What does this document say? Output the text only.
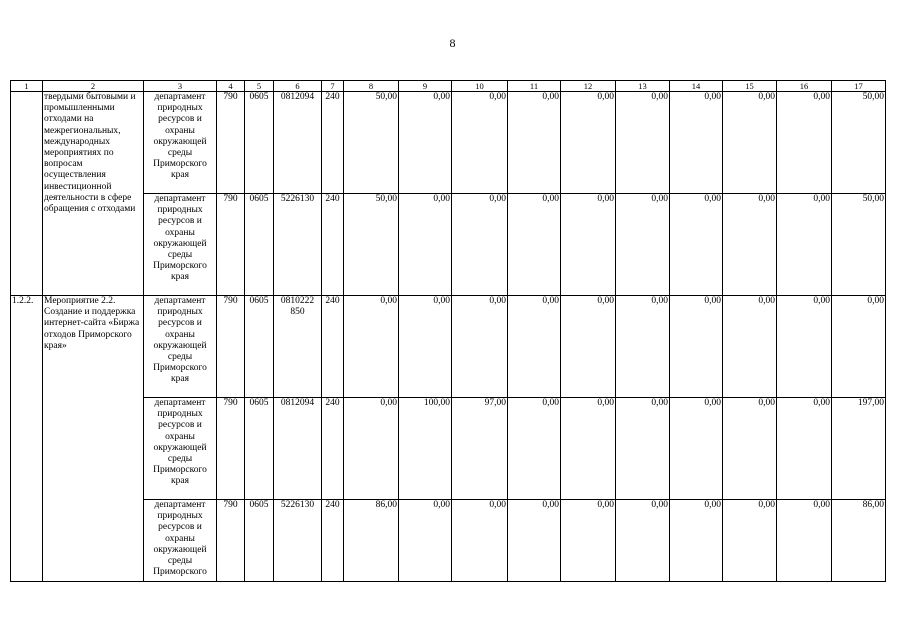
8
1	2	3	4	5	6	7	8	9	10	11	12	13	14	15	16	17
	твердыми бытовыми и промышленными отходами на межрегиональных, международных мероприятиях по вопросам осуществления инвестиционной деятельности в сфере обращения с отходами	департамент природных ресурсов и охраны окружающей среды Приморского края	790	0605	0812094	240	50,00	0,00	0,00	0,00	0,00	0,00	0,00	0,00	0,00	50,00
		департамент природных ресурсов и охраны окружающей среды Приморского края	790	0605	5226130	240	50,00	0,00	0,00	0,00	0,00	0,00	0,00	0,00	0,00	50,00
1.2.2.	Мероприятие 2.2. Создание и поддержка интернет-сайта «Биржа отходов Приморского края»	департамент природных ресурсов и охраны окружающей среды Приморского края	790	0605	0810222 850	240	0,00	0,00	0,00	0,00	0,00	0,00	0,00	0,00	0,00	0,00
		департамент природных ресурсов и охраны окружающей среды Приморского края	790	0605	0812094	240	0,00	100,00	97,00	0,00	0,00	0,00	0,00	0,00	0,00	197,00
		департамент природных ресурсов и охраны окружающей среды Приморского	790	0605	5226130	240	86,00	0,00	0,00	0,00	0,00	0,00	0,00	0,00	0,00	86,00
